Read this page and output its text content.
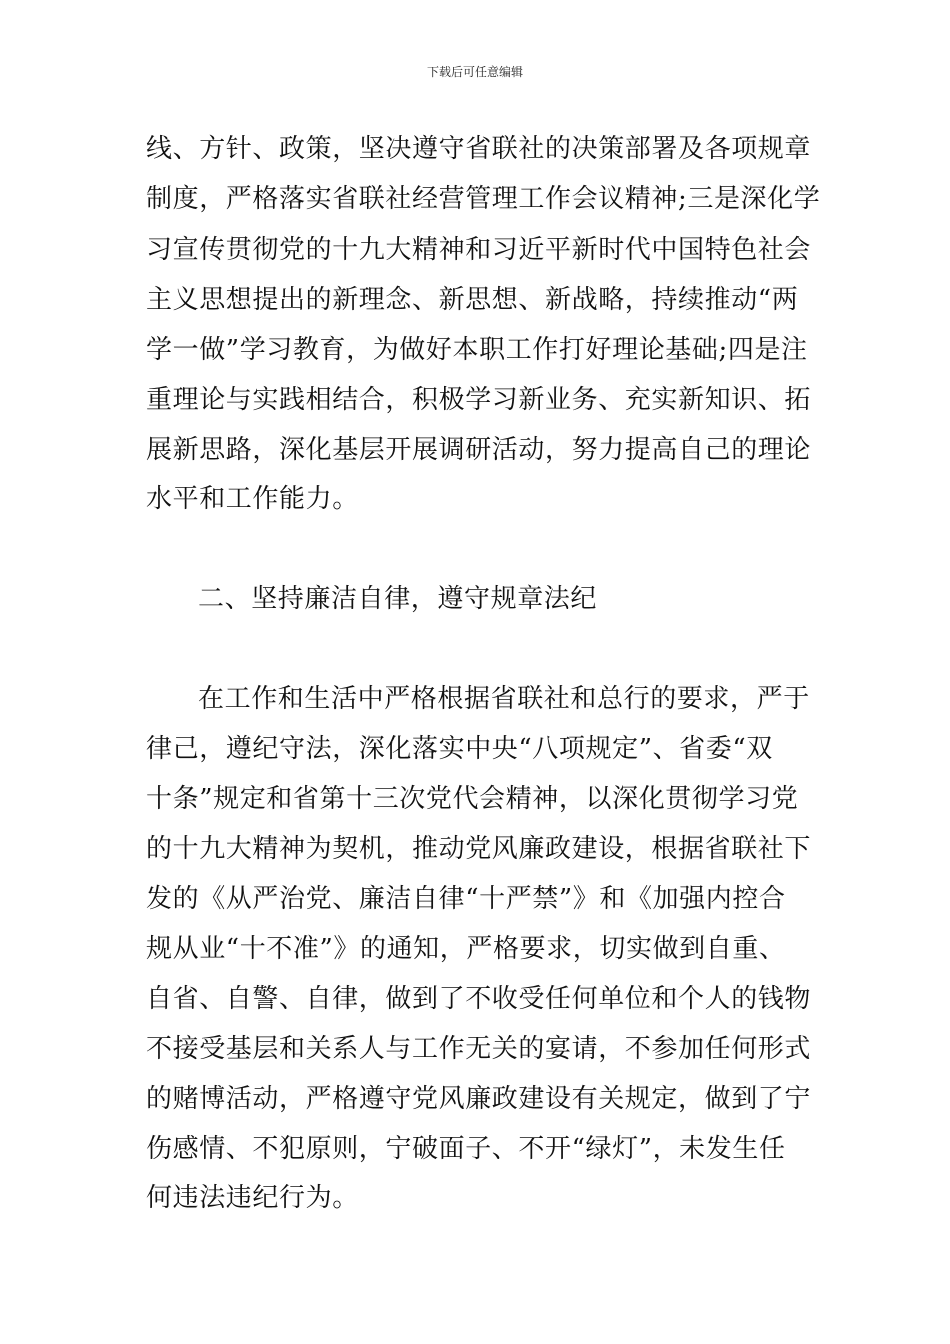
下载后可任意编辑
线、方针、政策，坚决遵守省联社的决策部署及各项规章
制度，严格落实省联社经营管理工作会议精神;三是深化学
习宣传贯彻党的十九大精神和习近平新时代中国特色社会
主义思想提出的新理念、新思想、新战略，持续推动“两
学一做”学习教育，为做好本职工作打好理论基础;四是注
重理论与实践相结合，积极学习新业务、充实新知识、拓
展新思路，深化基层开展调研活动，努力提高自己的理论
水平和工作能力。
二、坚持廉洁自律，遵守规章法纪
在工作和生活中严格根据省联社和总行的要求，严于
律己，遵纪守法，深化落实中央“八项规定”、省委“双
十条”规定和省第十三次党代会精神，以深化贯彻学习党
的十九大精神为契机，推动党风廉政建设，根据省联社下
发的《从严治党、廉洁自律“十严禁”》和《加强内控合
规从业“十不准”》的通知，严格要求，切实做到自重、
自省、自警、自律，做到了不收受任何单位和个人的钱物
不接受基层和关系人与工作无关的宴请，不参加任何形式
的赌博活动，严格遵守党风廉政建设有关规定，做到了宁
伤感情、不犯原则，宁破面子、不开“绿灯”，未发生任
何违法违纪行为。
